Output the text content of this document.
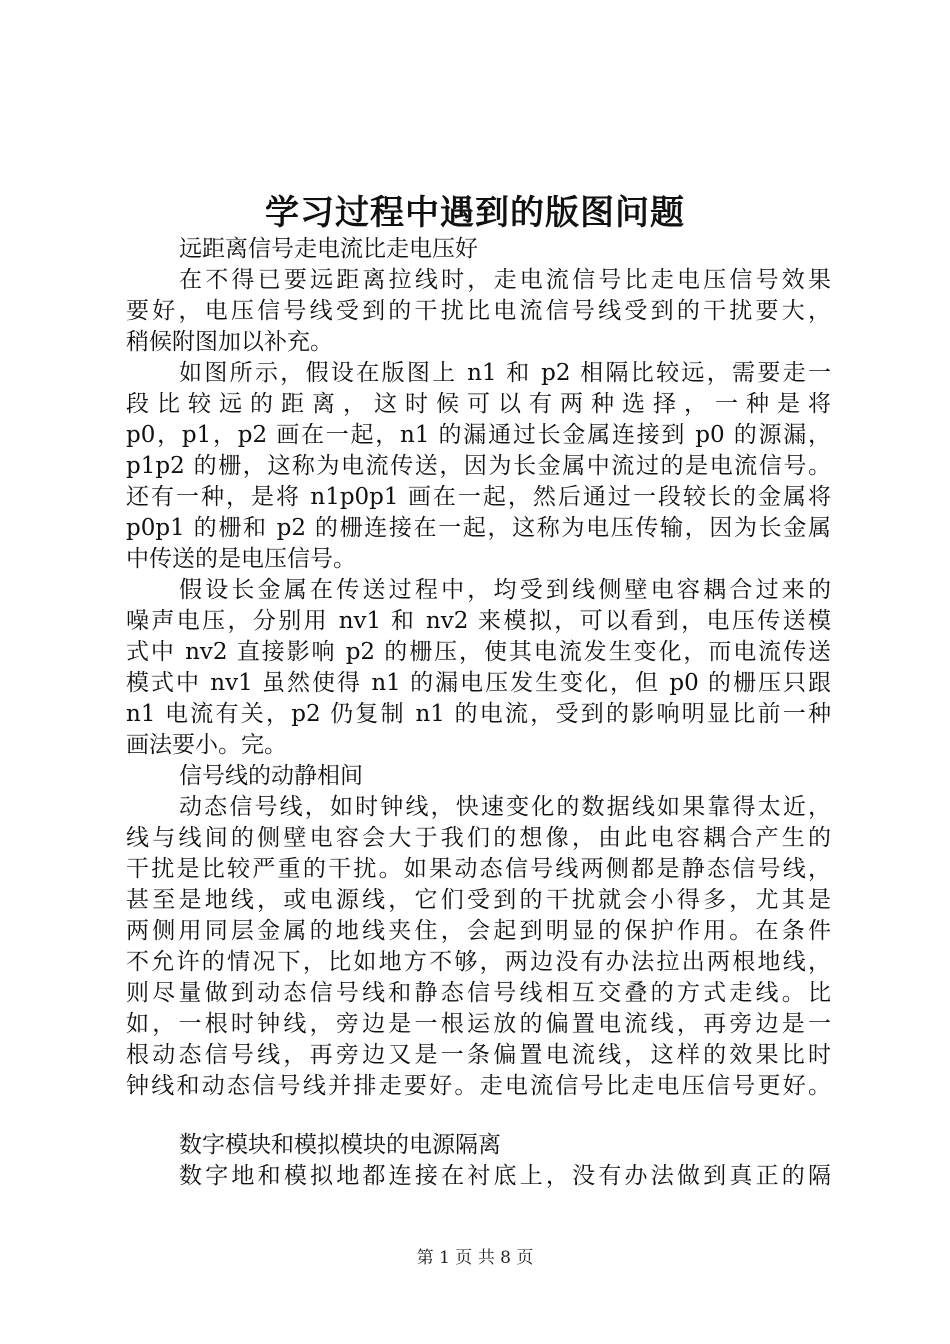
学习过程中遇到的版图问题
远距离信号走电流比走电压好
在不得已要远距离拉线时，走电流信号比走电压信号效果
要好，电压信号线受到的干扰比电流信号线受到的干扰要大，
稍候附图加以补充。
如图所示，假设在版图上 n1 和 p2 相隔比较远，需要走一
段比较远的距离，这时候可以有两种选择，一种是将
p0，p1，p2 画在一起，n1 的漏通过长金属连接到 p0 的源漏，
p1p2 的栅，这称为电流传送，因为长金属中流过的是电流信号。
还有一种，是将 n1p0p1 画在一起，然后通过一段较长的金属将
p0p1 的栅和 p2 的栅连接在一起，这称为电压传输，因为长金属
中传送的是电压信号。
假设长金属在传送过程中，均受到线侧壁电容耦合过来的
噪声电压，分别用 nv1 和 nv2 来模拟，可以看到，电压传送模
式中 nv2 直接影响 p2 的栅压，使其电流发生变化，而电流传送
模式中 nv1 虽然使得 n1 的漏电压发生变化，但 p0 的栅压只跟
n1 电流有关，p2 仍复制 n1 的电流，受到的影响明显比前一种
画法要小。完。
信号线的动静相间
动态信号线，如时钟线，快速变化的数据线如果靠得太近，
线与线间的侧壁电容会大于我们的想像，由此电容耦合产生的
干扰是比较严重的干扰。如果动态信号线两侧都是静态信号线，
甚至是地线，或电源线，它们受到的干扰就会小得多，尤其是
两侧用同层金属的地线夹住，会起到明显的保护作用。在条件
不允许的情况下，比如地方不够，两边没有办法拉出两根地线，
则尽量做到动态信号线和静态信号线相互交叠的方式走线。比
如，一根时钟线，旁边是一根运放的偏置电流线，再旁边是一
根动态信号线，再旁边又是一条偏置电流线，这样的效果比时
钟线和动态信号线并排走要好。走电流信号比走电压信号更好。
数字模块和模拟模块的电源隔离
数字地和模拟地都连接在衬底上，没有办法做到真正的隔
第 1 页 共 8 页
